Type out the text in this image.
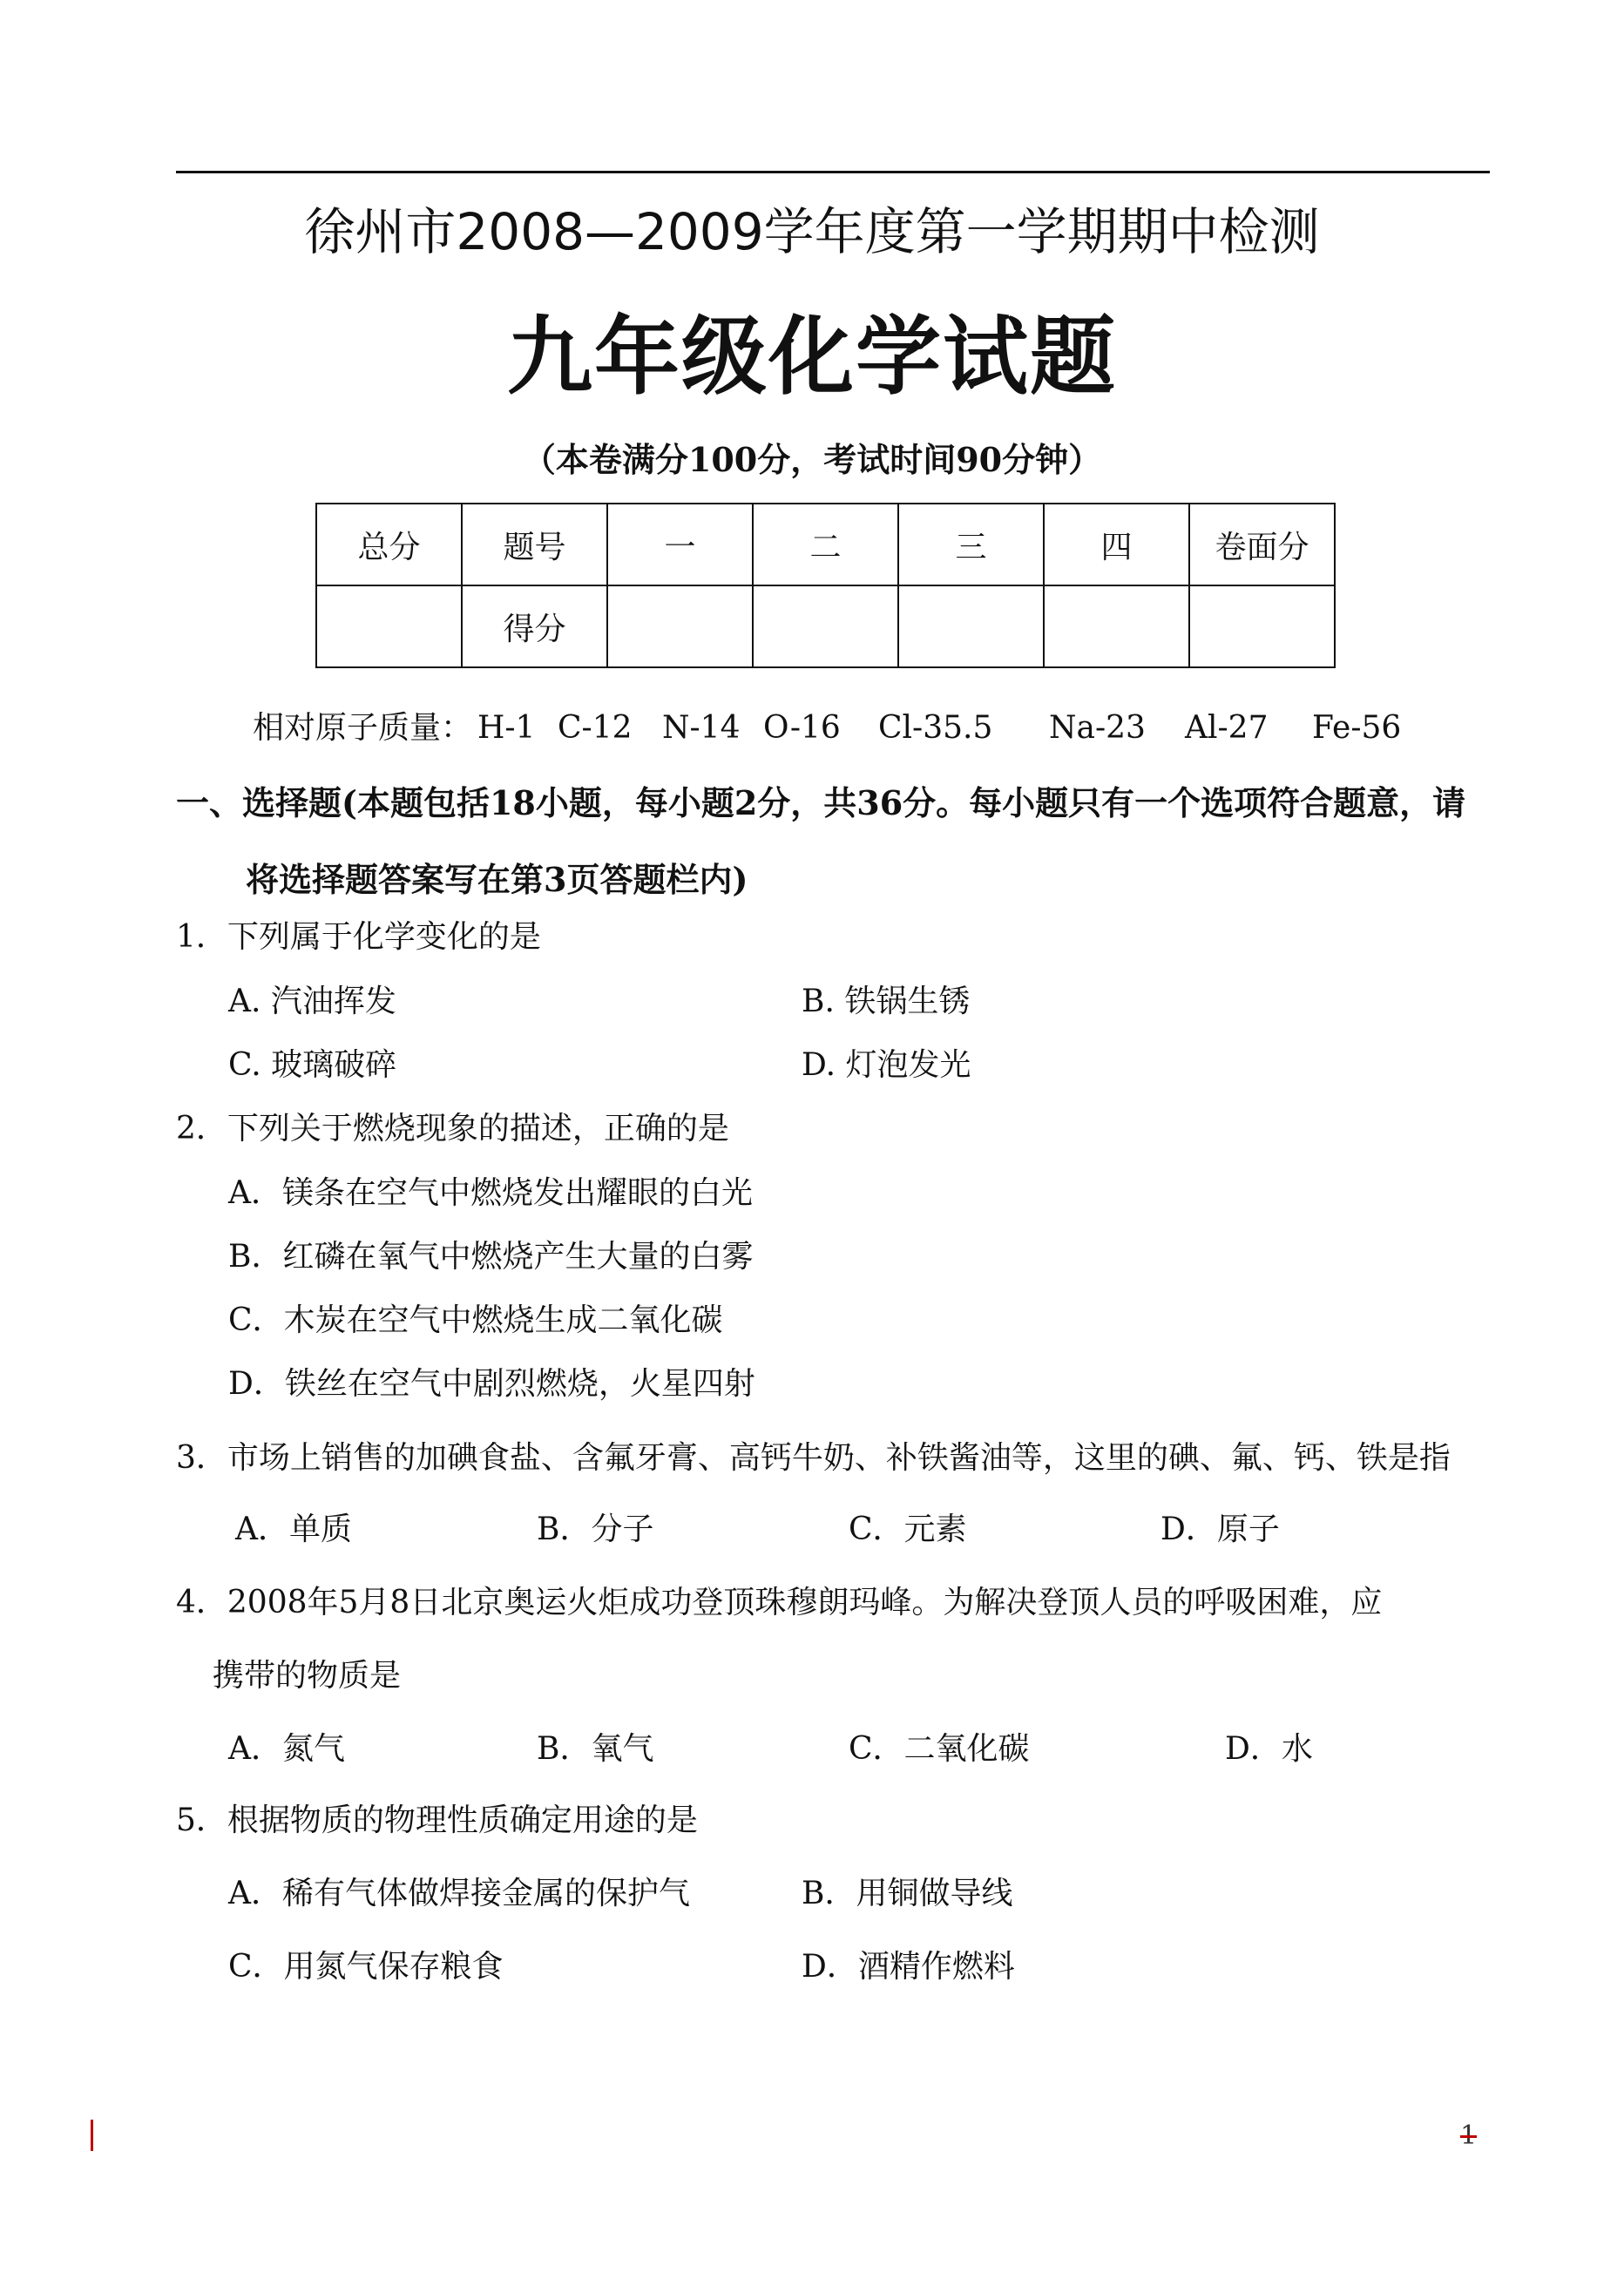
徐州市2008—2009学年度第一学期期中检测
九年级化学试题
（本卷满分100分，考试时间90分钟）
总分	题号	一	二	三	四	卷面分
	得分					
相对原子质量： H-1 C-12 N-14 O-16 Cl-35.5 Na-23 Al-27 Fe-56
一、选择题(本题包括18小题，每小题2分，共36分。每小题只有一个选项符合题意，请
将选择题答案写在第3页答题栏内)
1．下列属于化学变化的是
A. 汽油挥发	B. 铁锅生锈
C. 玻璃破碎	D. 灯泡发光
2．下列关于燃烧现象的描述，正确的是
A．镁条在空气中燃烧发出耀眼的白光
B．红磷在氧气中燃烧产生大量的白雾
C．木炭在空气中燃烧生成二氧化碳
D．铁丝在空气中剧烈燃烧，火星四射
3．市场上销售的加碘食盐、含氟牙膏、高钙牛奶、补铁酱油等，这里的碘、氟、钙、铁是指
A．单质	B．分子	C．元素	D．原子
4．2008年5月8日北京奥运火炬成功登顶珠穆朗玛峰。为解决登顶人员的呼吸困难，应
携带的物质是
A．氮气	B．氧气	C．二氧化碳	D．水
5．根据物质的物理性质确定用途的是
A．稀有气体做焊接金属的保护气	B．用铜做导线
C．用氮气保存粮食	D．酒精作燃料
1
